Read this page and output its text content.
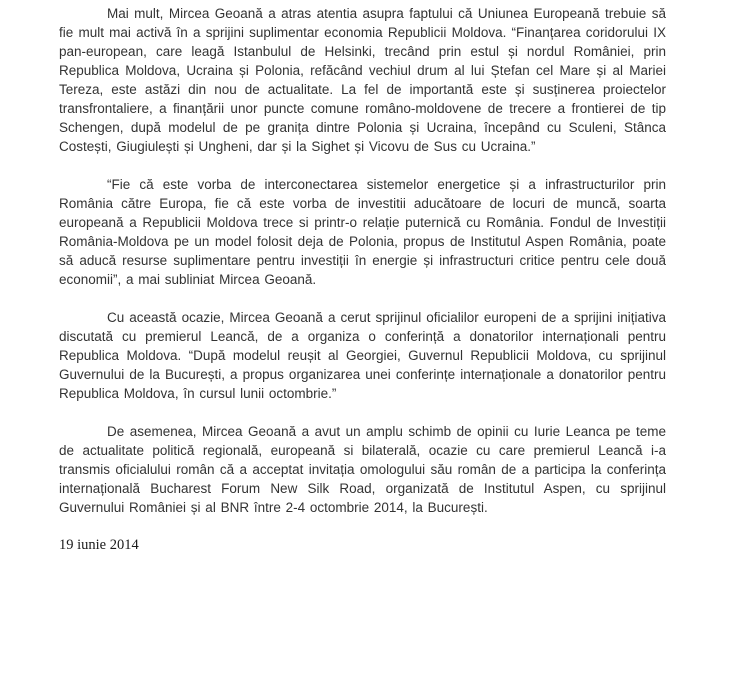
Mai mult, Mircea Geoană a atras atentia asupra faptului că Uniunea Europeană trebuie să fie mult mai activă în a sprijini suplimentar economia Republicii Moldova. “Finanțarea coridorului IX pan-european, care leagă Istanbulul de Helsinki, trecând prin estul și nordul României, prin Republica Moldova, Ucraina și Polonia, refăcând vechiul drum al lui Ștefan cel Mare și al Mariei Tereza, este astăzi din nou de actualitate. La fel de importantă este și susținerea proiectelor transfrontaliere, a finanțării unor puncte comune româno-moldovene de trecere a frontierei de tip Schengen, după modelul de pe granița dintre Polonia și Ucraina, începând cu Sculeni, Stânca Costești, Giugiulești și Ungheni, dar și la Sighet și Vicovu de Sus cu Ucraina.”

“Fie că este vorba de interconectarea sistemelor energetice și a infrastructurilor prin România către Europa, fie că este vorba de investitii aducătoare de locuri de muncă, soarta europeană a Republicii Moldova trece si printr-o relație puternică cu România. Fondul de Investiții România-Moldova pe un model folosit deja de Polonia, propus de Institutul Aspen România, poate să aducă resurse suplimentare pentru investiții în energie și infrastructuri critice pentru cele două economii”, a mai subliniat Mircea Geoană.

Cu această ocazie, Mircea Geoană a cerut sprijinul oficialilor europeni de a sprijini inițiativa discutată cu premierul Leancă, de a organiza o conferință a donatorilor internaționali pentru Republica Moldova. “După modelul reușit al Georgiei, Guvernul Republicii Moldova, cu sprijinul Guvernului de la București, a propus organizarea unei conferințe internaționale a donatorilor pentru Republica Moldova, în cursul lunii octombrie.”

De asemenea, Mircea Geoană a avut un amplu schimb de opinii cu Iurie Leanca pe teme de actualitate politică regională, europeană si bilaterală, ocazie cu care premierul Leancă i-a transmis oficialului român că a acceptat invitația omologului său român de a participa la conferința internațională Bucharest Forum New Silk Road, organizată de Institutul Aspen, cu sprijinul Guvernului României și al BNR între 2-4 octombrie 2014, la București.

19 iunie 2014
